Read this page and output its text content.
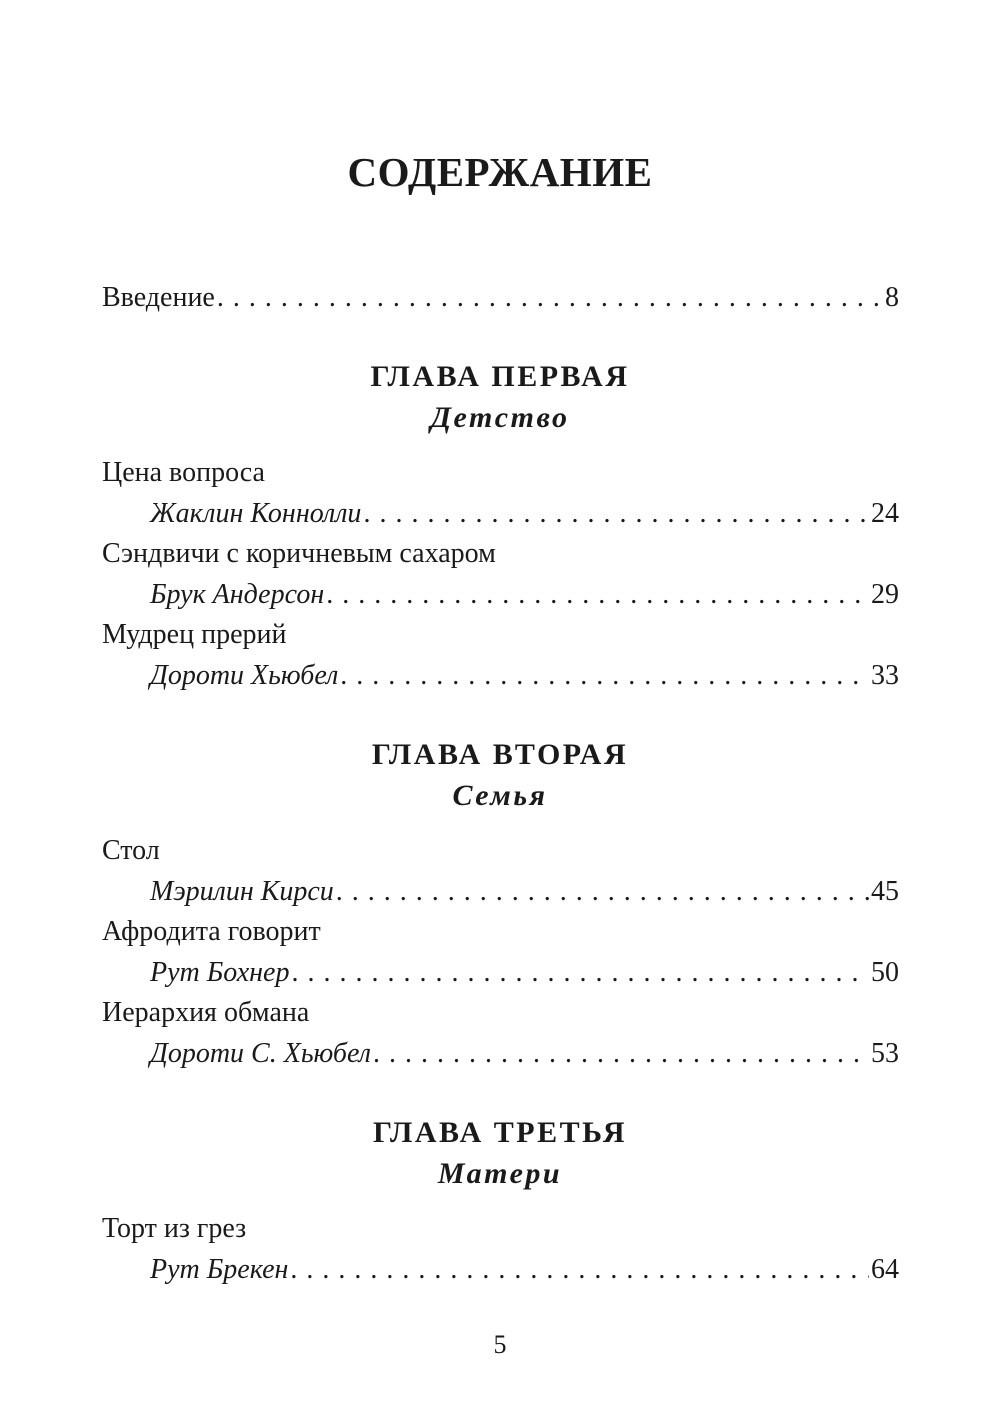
СОДЕРЖАНИЕ
Введение . . .	8
ГЛАВА ПЕРВАЯ
Детство
Цена вопроса
Жаклин Коннолли . . .	24
Сэндвичи с коричневым сахаром
Брук Андерсон . . .	29
Мудрец прерий
Дороти Хьюбел . . .	33
ГЛАВА ВТОРАЯ
Семья
Стол
Мэрилин Кирси . . .	45
Афродита говорит
Рут Бохнер . . .	50
Иерархия обмана
Дороти С. Хьюбел . . .	53
ГЛАВА ТРЕТЬЯ
Матери
Торт из грез
Рут Брекен . . .	64
5
